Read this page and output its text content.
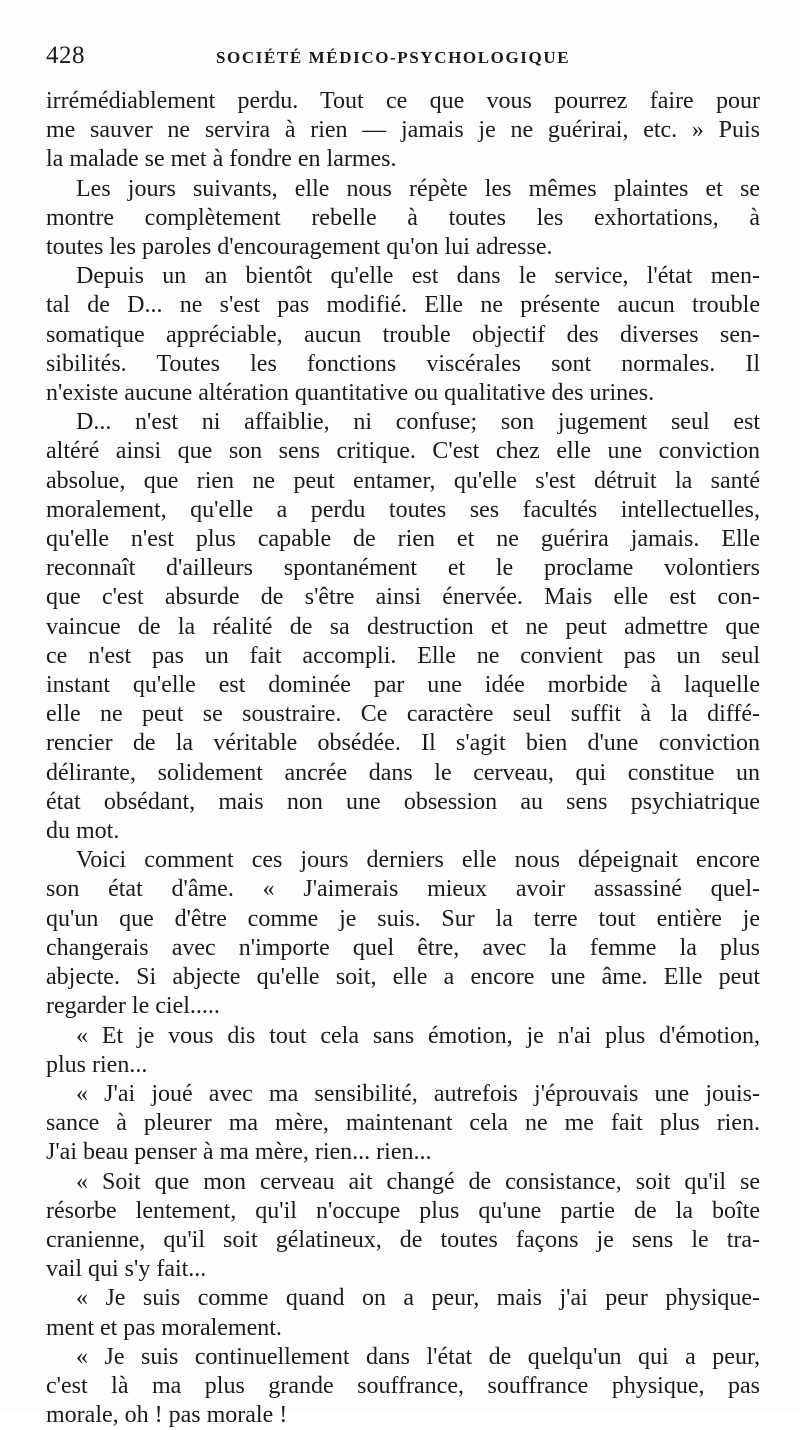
428	SOCIÉTÉ MÉDICO-PSYCHOLOGIQUE

irrémédiablement perdu. Tout ce que vous pourrez faire pour

me sauver ne servira à rien — jamais je ne guérirai, etc. » Puis

la malade se met à fondre en larmes.

Les jours suivants, elle nous répète les mêmes plaintes et se

montre complètement rebelle à toutes les exhortations, à

toutes les paroles d'encouragement qu'on lui adresse.

Depuis un an bientôt qu'elle est dans le service, l'état men-

tal de D... ne s'est pas modifié. Elle ne présente aucun trouble

somatique appréciable, aucun trouble objectif des diverses sen-

sibilités. Toutes les fonctions viscérales sont normales. Il

n'existe aucune altération quantitative ou qualitative des urines.

D... n'est ni affaiblie, ni confuse; son jugement seul est

altéré ainsi que son sens critique. C'est chez elle une conviction

absolue, que rien ne peut entamer, qu'elle s'est détruit la santé

moralement, qu'elle a perdu toutes ses facultés intellectuelles,

qu'elle n'est plus capable de rien et ne guérira jamais. Elle

reconnaît d'ailleurs spontanément et le proclame volontiers

que c'est absurde de s'être ainsi énervée. Mais elle est con-

vaincue de la réalité de sa destruction et ne peut admettre que

ce n'est pas un fait accompli. Elle ne convient pas un seul

instant qu'elle est dominée par une idée morbide à laquelle

elle ne peut se soustraire. Ce caractère seul suffit à la diffé-

rencier de la véritable obsédée. Il s'agit bien d'une conviction

délirante, solidement ancrée dans le cerveau, qui constitue un

état obsédant, mais non une obsession au sens psychiatrique

du mot.

Voici comment ces jours derniers elle nous dépeignait encore

son état d'âme. « J'aimerais mieux avoir assassiné quel-

qu'un que d'être comme je suis. Sur la terre tout entière je

changerais avec n'importe quel être, avec la femme la plus

abjecte. Si abjecte qu'elle soit, elle a encore une âme. Elle peut

regarder le ciel.....

« Et je vous dis tout cela sans émotion, je n'ai plus d'émotion,

plus rien...

« J'ai joué avec ma sensibilité, autrefois j'éprouvais une jouis-

sance à pleurer ma mère, maintenant cela ne me fait plus rien.

J'ai beau penser à ma mère, rien... rien...

« Soit que mon cerveau ait changé de consistance, soit qu'il se

résorbe lentement, qu'il n'occupe plus qu'une partie de la boîte

cranienne, qu'il soit gélatineux, de toutes façons je sens le tra-

vail qui s'y fait...

« Je suis comme quand on a peur, mais j'ai peur physique-

ment et pas moralement.

« Je suis continuellement dans l'état de quelqu'un qui a peur,

c'est là ma plus grande souffrance, souffrance physique, pas

morale, oh ! pas morale !
